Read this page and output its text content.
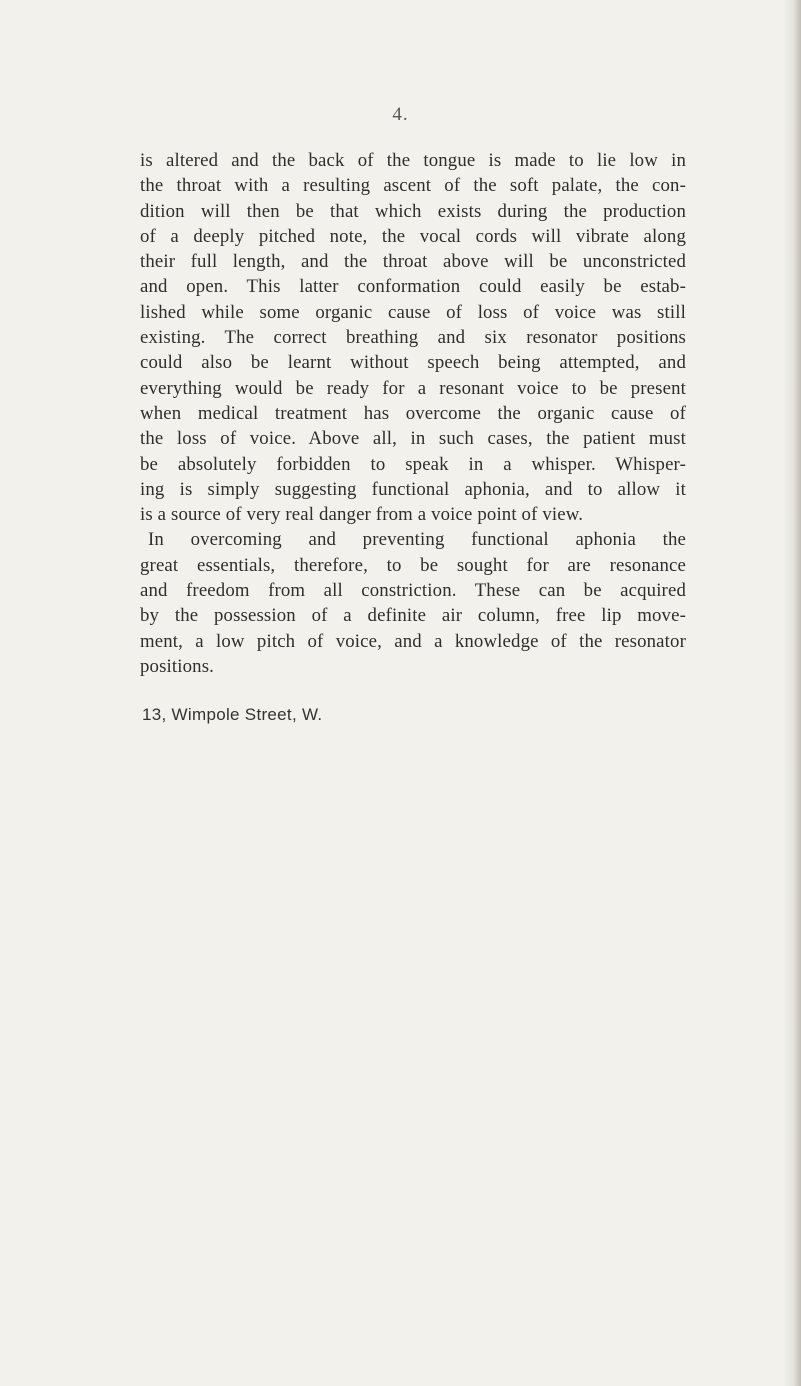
4.
is altered and the back of the tongue is made to lie low in
the throat with a resulting ascent of the soft palate, the con-
dition will then be that which exists during the production
of a deeply pitched note, the vocal cords will vibrate along
their full length, and the throat above will be unconstricted
and open. This latter conformation could easily be estab-
lished while some organic cause of loss of voice was still
existing. The correct breathing and six resonator positions
could also be learnt without speech being attempted, and
everything would be ready for a resonant voice to be present
when medical treatment has overcome the organic cause of
the loss of voice. Above all, in such cases, the patient must
be absolutely forbidden to speak in a whisper. Whisper-
ing is simply suggesting functional aphonia, and to allow it
is a source of very real danger from a voice point of view.
In overcoming and preventing functional aphonia the
great essentials, therefore, to be sought for are resonance
and freedom from all constriction. These can be acquired
by the possession of a definite air column, free lip move-
ment, a low pitch of voice, and a knowledge of the resonator
positions.
13, Wimpole Street, W.
